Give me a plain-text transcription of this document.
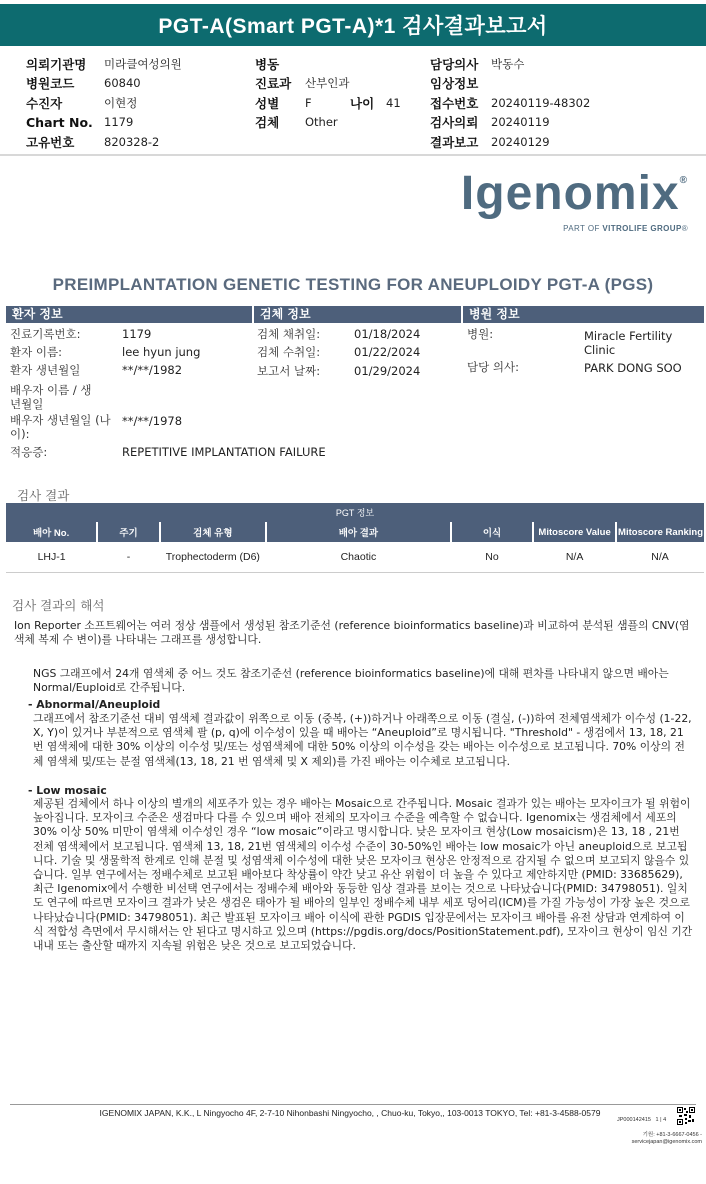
PGT-A(Smart PGT-A)*1 검사결과보고서
의뢰기관명	미라클여성의원
병원코드	60840
수진자	이현정
Chart No. 1179
고유번호	820328-2
병동
진료과	산부인과
성별	F	나이	41
검체	Other
담당의사	박동수
임상정보
접수번호	20240119-48302
검사의뢰	20240119
결과보고	20240129
Igenomix®
PART OF VITROLIFE GROUP®
PREIMPLANTATION GENETIC TESTING FOR ANEUPLOIDY PGT-A (PGS)
환자 정보	검체 정보	병원 정보
진료기록번호:	1179
환자 이름:	lee hyun jung
환자 생년월일	**/**/1982
배우자 이름 / 생년월일
배우자 생년월일 (나이):
**/**/1978
적응증:	REPETITIVE IMPLANTATION FAILURE
검체 채취일:	01/18/2024
검체 수취일:	01/22/2024
보고서 날짜:	01/29/2024
병원:	Miracle Fertility Clinic
담당 의사:	PARK DONG SOO
검사 결과
PGT 정보						
배아 No.	주기	검체 유형	배아 결과	이식	Mitoscore Value	Mitoscore Ranking
LHJ-1	-	Trophectoderm (D6)	Chaotic	No	N/A	N/A
검사 결과의 해석
Ion Reporter 소프트웨어는 여러 정상 샘플에서 생성된 참조기준선 (reference bioinformatics baseline)과 비교하여 분석된 샘플의 CNV(염색체 복제 수 변이)를 나타내는 그래프를 생성합니다.
NGS 그래프에서 24개 염색체 중 어느 것도 참조기준선 (reference bioinformatics baseline)에 대해 편차를 나타내지 않으면 배아는 Normal/Euploid로 간주됩니다.
- Abnormal/Aneuploid
그래프에서 참조기준선 대비 염색체 결과값이 위쪽으로 이동 (중복, (+))하거나 아래쪽으로 이동 (결실, (-))하여 전체염색체가 이수성 (1-22, X, Y)이 있거나 부분적으로 염색체 팔 (p, q)에 이수성이 있을 때 배아는 “Aneuploid”로 명시됩니다. "Threshold" - 생검에서 13, 18, 21 번 염색체에 대한 30% 이상의 이수성 및/또는 성염색체에 대한 50% 이상의 이수성을 갖는 배아는 이수성으로 보고됩니다. 70% 이상의 전체 염색체 및/또는 분절 염색체(13, 18, 21 번 염색체 및 X 제외)를 가진 배아는 이수체로 보고됩니다.
- Low mosaic
제공된 검체에서 하나 이상의 별개의 세포주가 있는 경우 배아는 Mosaic으로 간주됩니다. Mosaic 결과가 있는 배아는 모자이크가 될 위험이 높아집니다. 모자이크 수준은 생검마다 다를 수 있으며 배아 전체의 모자이크 수준을 예측할 수 없습니다. Igenomix는 생검체에서 세포의 30% 이상 50% 미만이 염색체 이수성인 경우 “low mosaic”이라고 명시합니다. 낮은 모자이크 현상(Low mosaicism)은 13, 18 , 21번 전체 염색체에서 보고됩니다. 염색체 13, 18, 21번 염색체의 이수성 수준이 30-50%인 배아는 low mosaic가 아닌 aneuploid으로 보고됩니다. 기술 및 생물학적 한계로 인해 분절 및 성염색체 이수성에 대한 낮은 모자이크 현상은 안정적으로 감지될 수 없으며 보고되지 않을수 있습니다. 일부 연구에서는 정배수체로 보고된 배아보다 착상률이 약간 낮고 유산 위험이 더 높을 수 있다고 제안하지만 (PMID: 33685629), 최근 Igenomix에서 수행한 비선택 연구에서는 정배수체 배아와 동등한 임상 결과를 보이는 것으로 나타났습니다(PMID: 34798051). 일치도 연구에 따르면 모자이크 결과가 낮은 생검은 태아가 될 배아의 일부인 정배수체 내부 세포 덩어리(ICM)를 가질 가능성이 가장 높은 것으로 나타났습니다(PMID: 34798051). 최근 발표된 모자이크 배아 이식에 관한 PGDIS 입장문에서는 모자이크 배아를 유전 상담과 연계하여 이식 적합성 측면에서 무시해서는 안 된다고 명시하고 있으며 (https://pgdis.org/docs/PositionStatement.pdf), 모자이크 현상이 임신 기간 내내 또는 출산할 때까지 지속될 위험은 낮은 것으로 보고되었습니다.
IGENOMIX JAPAN, K.K., L Ningyocho 4F, 2-7-10 Nihonbashi Ningyocho, , Chuo-ku, Tokyo,, 103-0013 TOKYO, Tel: +81-3-4588-0579
JP000142415 1 | 4
기원: +81-3-6667-0456 -
servicejapan@igenomix.com
